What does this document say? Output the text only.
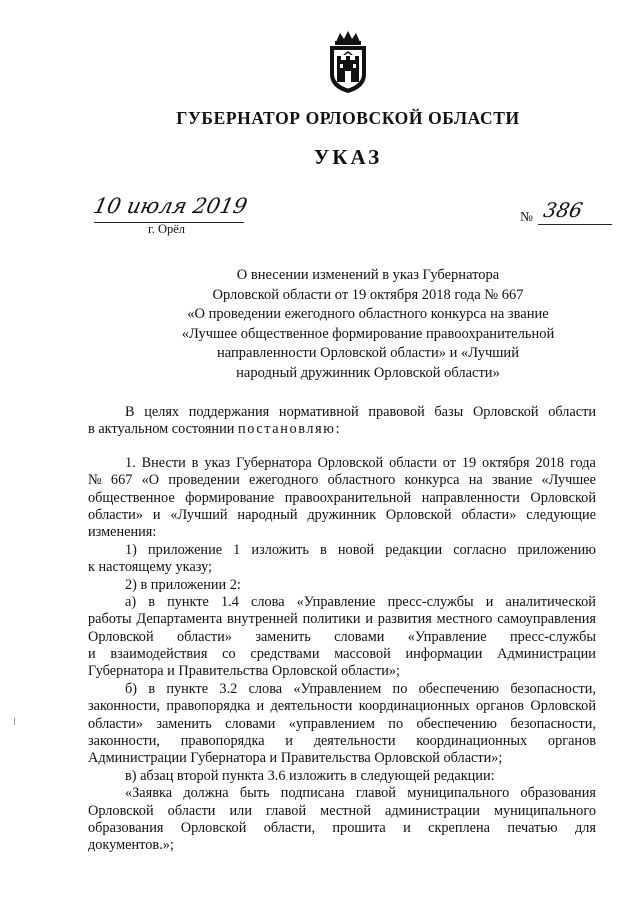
ГУБЕРНАТОР ОРЛОВСКОЙ ОБЛАСТИ
УКАЗ
10 июля 2019
г. Орёл
№ 386
О внесении изменений в указ Губернатора
Орловской области от 19 октября 2018 года № 667
«О проведении ежегодного областного конкурса на звание
«Лучшее общественное формирование правоохранительной
направленности Орловской области» и «Лучший
народный дружинник Орловской области»
В целях поддержания нормативной правовой базы Орловской области
в актуальном состоянии постановляю:
1. Внести в указ Губернатора Орловской области от 19 октября 2018 года
№ 667 «О проведении ежегодного областного конкурса на звание «Лучшее
общественное формирование правоохранительной направленности Орловской
области» и «Лучший народный дружинник Орловской области» следующие
изменения:
1) приложение 1 изложить в новой редакции согласно приложению
к настоящему указу;
2) в приложении 2:
а) в пункте 1.4 слова «Управление пресс-службы и аналитической
работы Департамента внутренней политики и развития местного самоуправления
Орловской области» заменить словами «Управление пресс-службы
и взаимодействия со средствами массовой информации Администрации
Губернатора и Правительства Орловской области»;
б) в пункте 3.2 слова «Управлением по обеспечению безопасности,
законности, правопорядка и деятельности координационных органов Орловской
области» заменить словами «управлением по обеспечению безопасности,
законности, правопорядка и деятельности координационных органов
Администрации Губернатора и Правительства Орловской области»;
в) абзац второй пункта 3.6 изложить в следующей редакции:
«Заявка должна быть подписана главой муниципального образования
Орловской области или главой местной администрации муниципального
образования Орловской области, прошита и скреплена печатью для
документов.»;
